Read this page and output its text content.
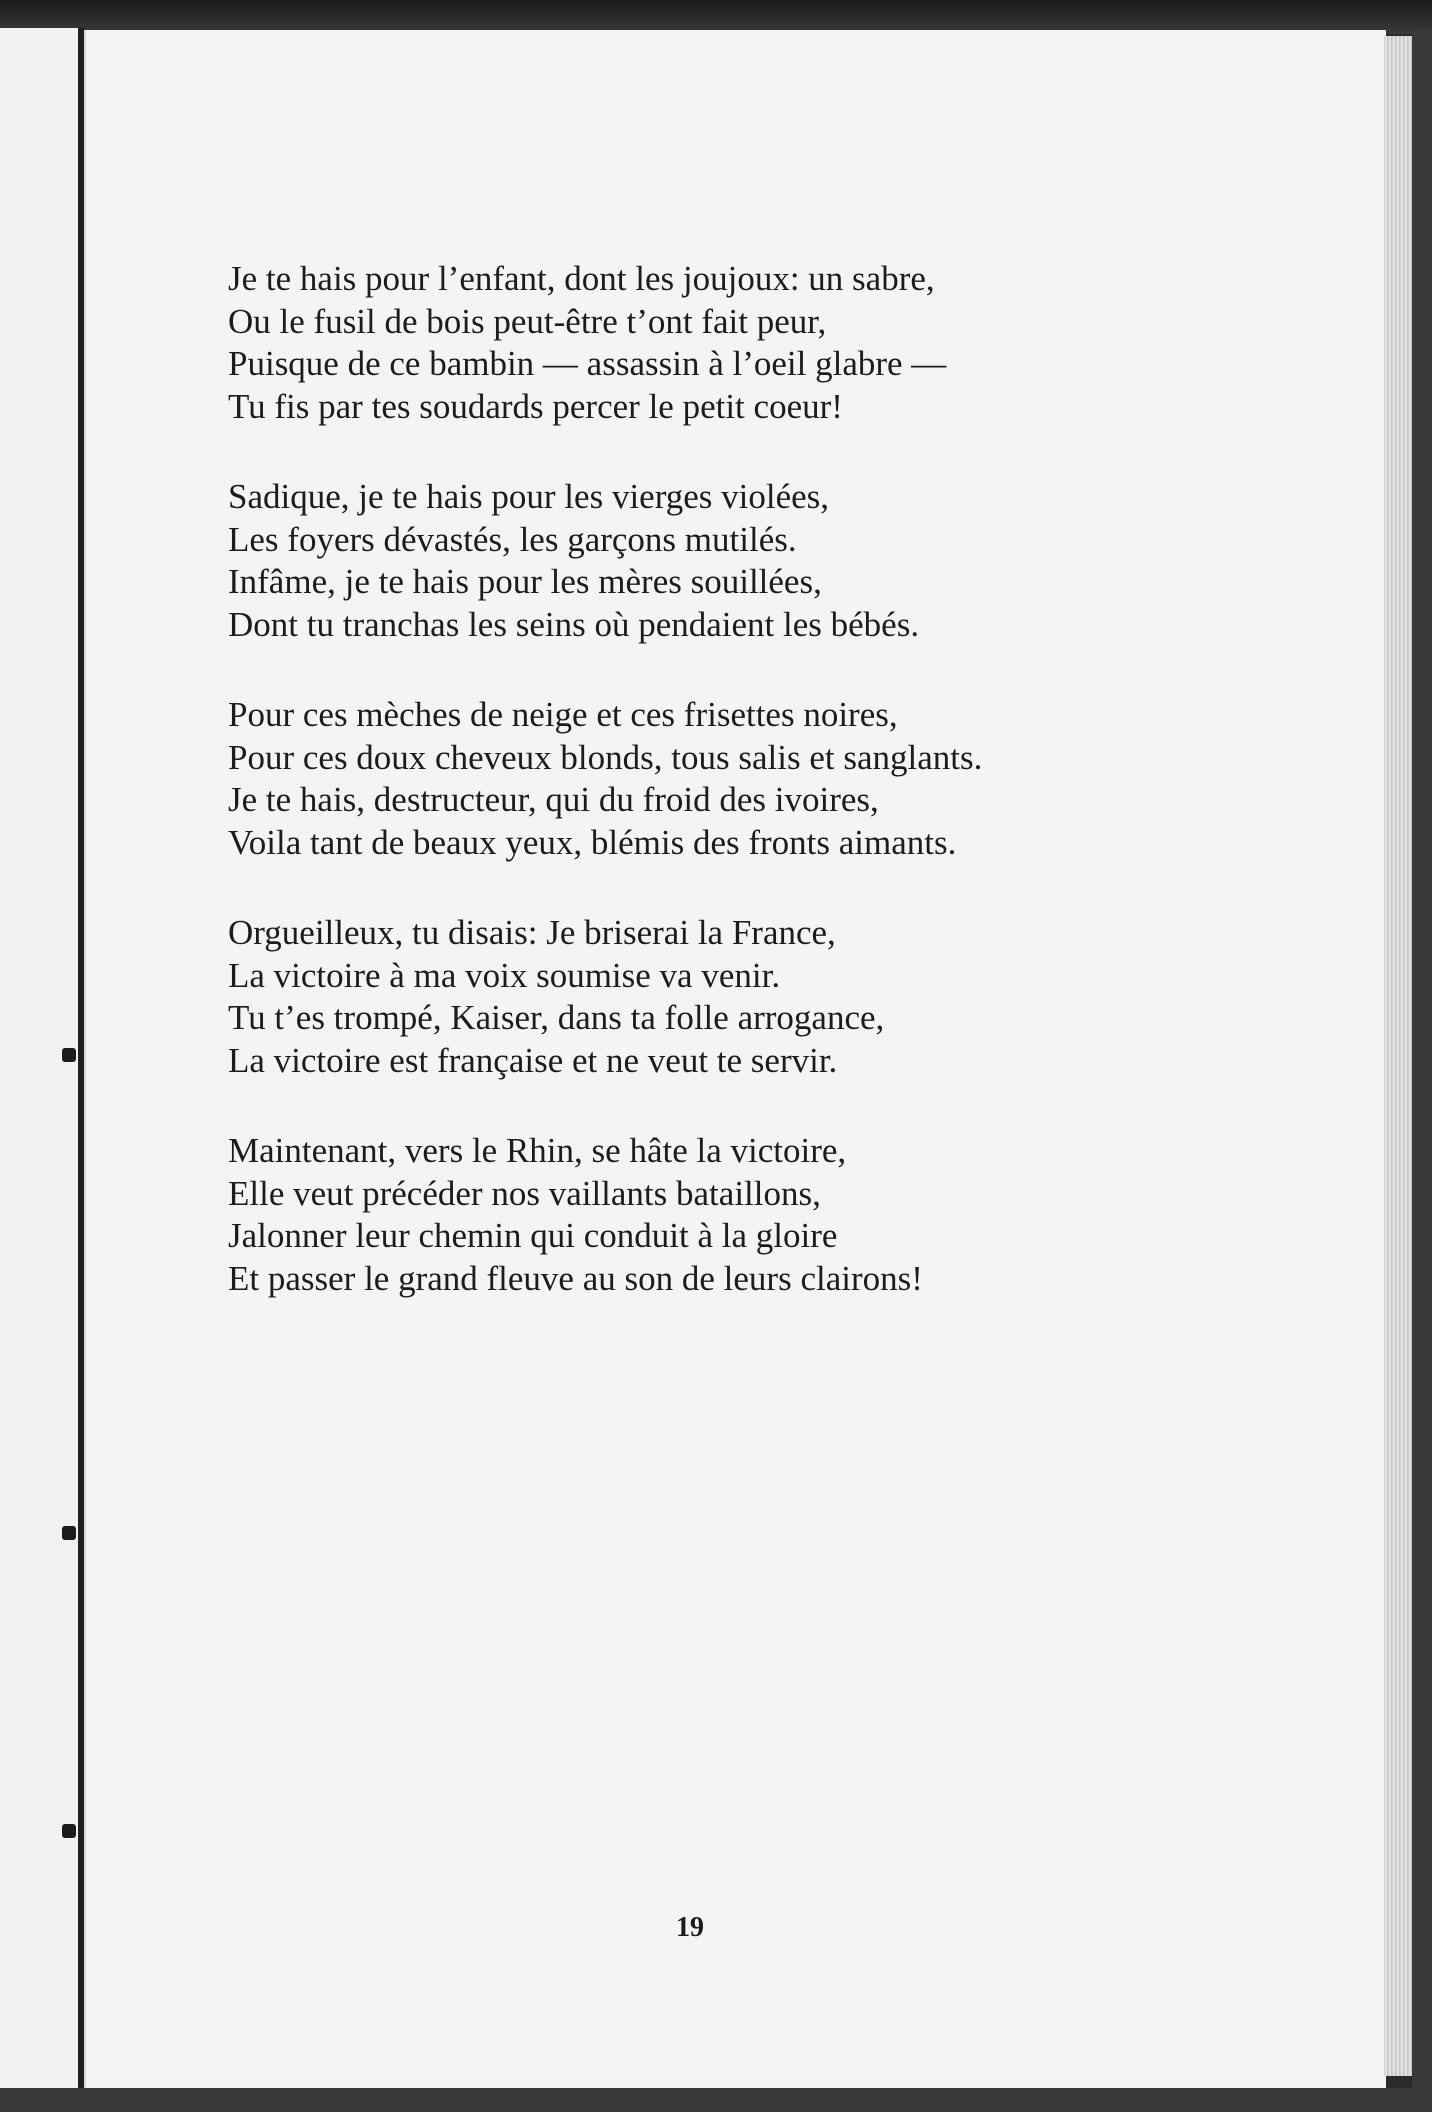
Je te hais pour l’enfant, dont les joujoux: un sabre,
Ou le fusil de bois peut-être t’ont fait peur,
Puisque de ce bambin — assassin à l’oeil glabre —
Tu fis par tes soudards percer le petit coeur!
Sadique, je te hais pour les vierges violées,
Les foyers dévastés, les garçons mutilés.
Infâme, je te hais pour les mères souillées,
Dont tu tranchas les seins où pendaient les bébés.
Pour ces mèches de neige et ces frisettes noires,
Pour ces doux cheveux blonds, tous salis et sanglants.
Je te hais, destructeur, qui du froid des ivoires,
Voila tant de beaux yeux, blémis des fronts aimants.
Orgueilleux, tu disais: Je briserai la France,
La victoire à ma voix soumise va venir.
Tu t’es trompé, Kaiser, dans ta folle arrogance,
La victoire est française et ne veut te servir.
Maintenant, vers le Rhin, se hâte la victoire,
Elle veut précéder nos vaillants bataillons,
Jalonner leur chemin qui conduit à la gloire
Et passer le grand fleuve au son de leurs clairons!
19
